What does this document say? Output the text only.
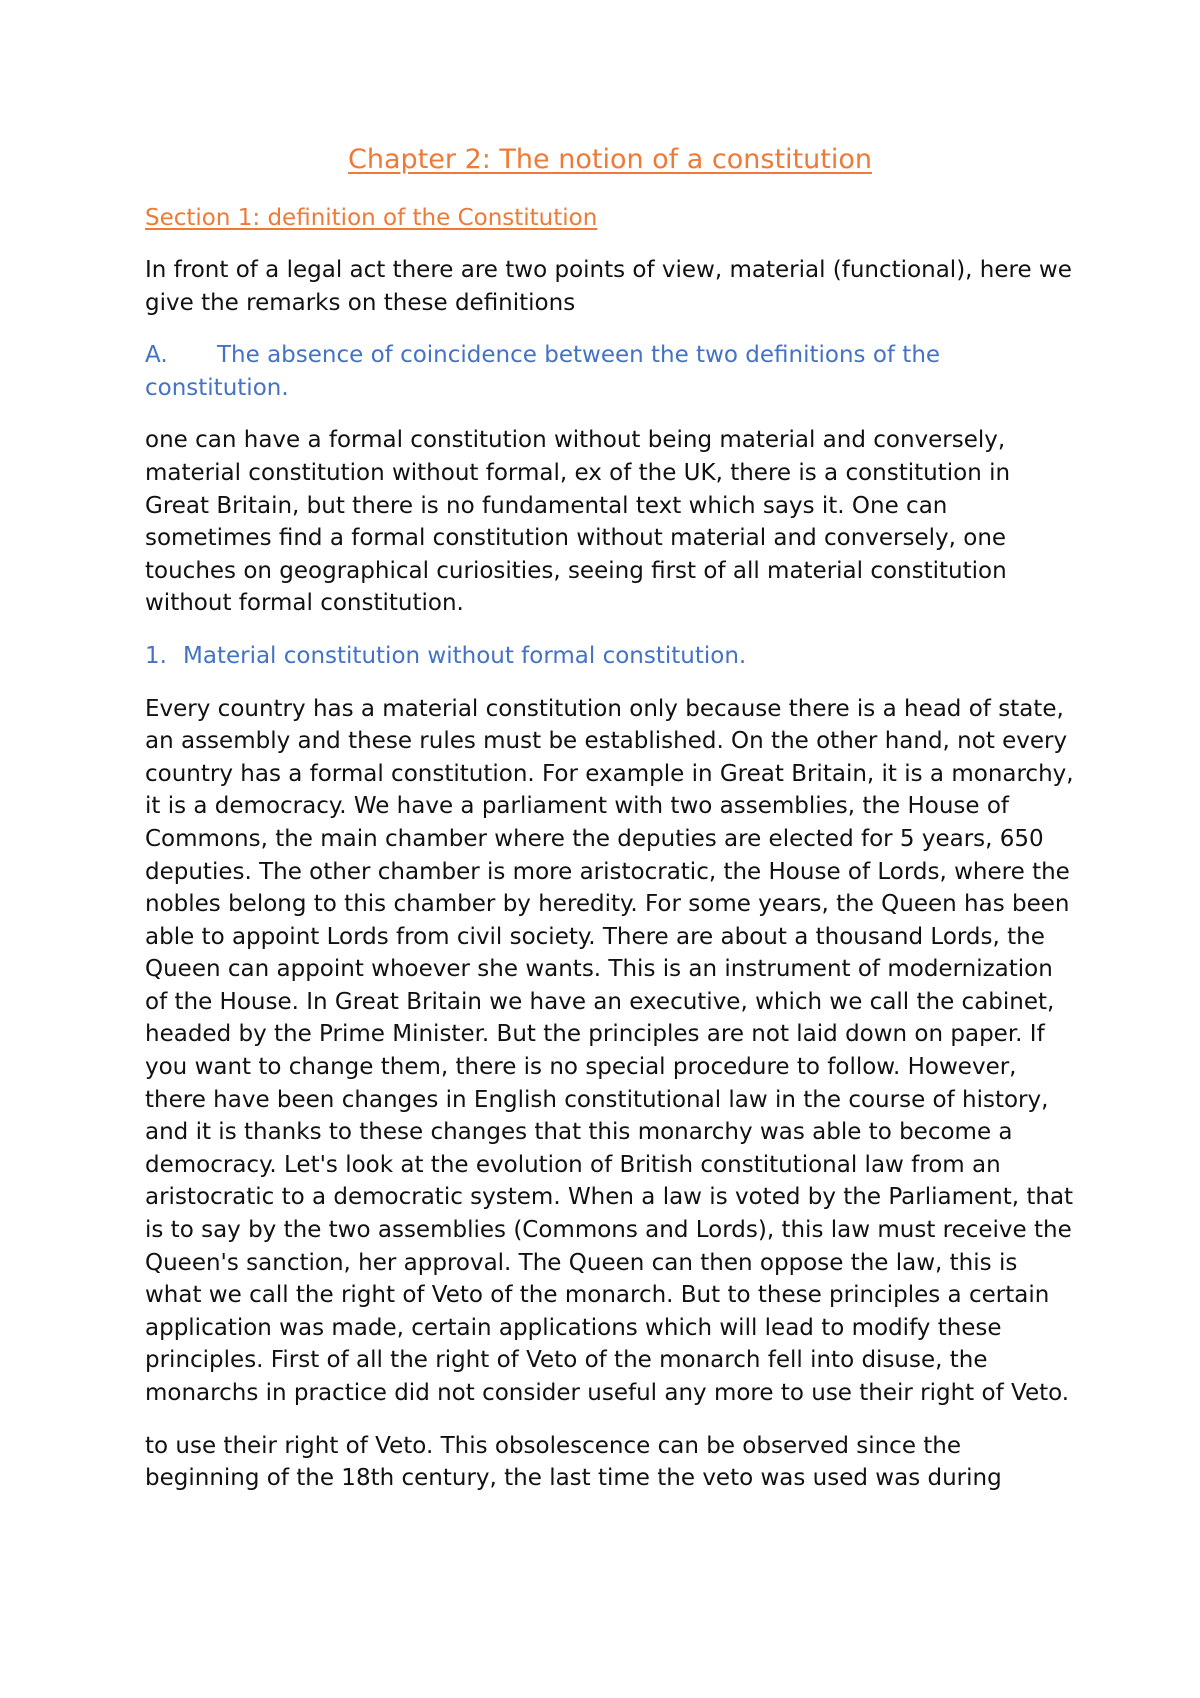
Chapter 2: The notion of a constitution
Section 1: definition of the Constitution

In front of a legal act there are two points of view, material (functional), here we give the remarks on these definitions

A. The absence of coincidence between the two definitions of the constitution.

one can have a formal constitution without being material and conversely, material constitution without formal, ex of the UK, there is a constitution in Great Britain, but there is no fundamental text which says it. One can sometimes find a formal constitution without material and conversely, one touches on geographical curiosities, seeing first of all material constitution without formal constitution.

1. Material constitution without formal constitution.

Every country has a material constitution only because there is a head of state, an assembly and these rules must be established. On the other hand, not every country has a formal constitution. For example in Great Britain, it is a monarchy, it is a democracy. We have a parliament with two assemblies, the House of Commons, the main chamber where the deputies are elected for 5 years, 650 deputies. The other chamber is more aristocratic, the House of Lords, where the nobles belong to this chamber by heredity. For some years, the Queen has been able to appoint Lords from civil society. There are about a thousand Lords, the Queen can appoint whoever she wants. This is an instrument of modernization of the House. In Great Britain we have an executive, which we call the cabinet, headed by the Prime Minister. But the principles are not laid down on paper. If you want to change them, there is no special procedure to follow. However, there have been changes in English constitutional law in the course of history, and it is thanks to these changes that this monarchy was able to become a democracy. Let's look at the evolution of British constitutional law from an aristocratic to a democratic system. When a law is voted by the Parliament, that is to say by the two assemblies (Commons and Lords), this law must receive the Queen's sanction, her approval. The Queen can then oppose the law, this is what we call the right of Veto of the monarch. But to these principles a certain application was made, certain applications which will lead to modify these principles. First of all the right of Veto of the monarch fell into disuse, the monarchs in practice did not consider useful any more to use their right of Veto.

to use their right of Veto. This obsolescence can be observed since the beginning of the 18th century, the last time the veto was used was during
